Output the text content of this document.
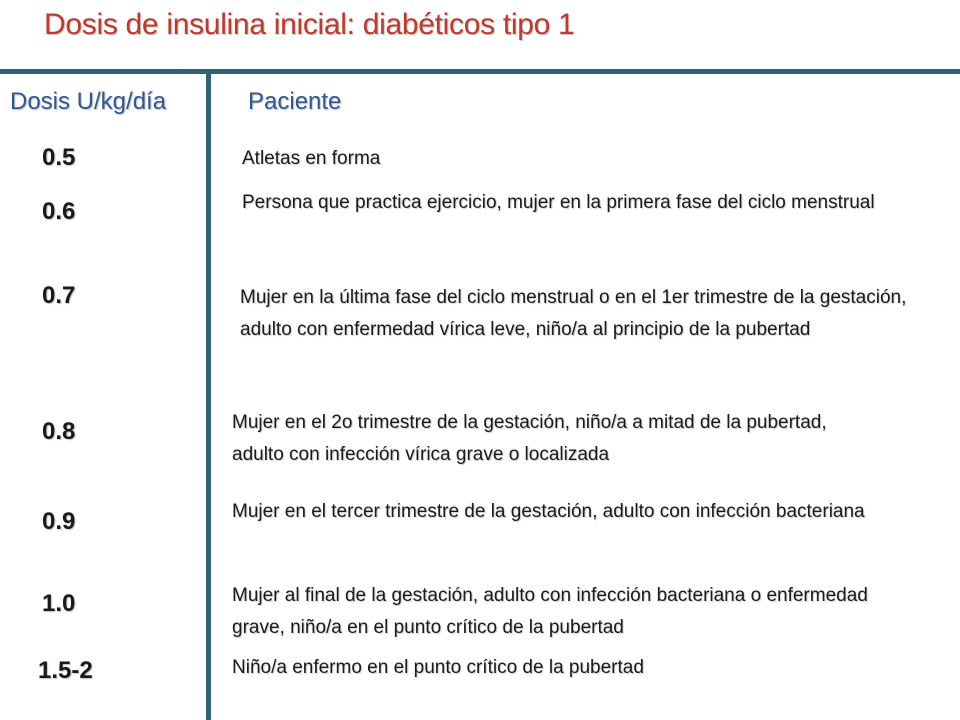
Dosis de insulina inicial: diabéticos tipo 1
Dosis U/kg/día	Paciente
0.5	Atletas en forma
0.6	Persona que practica ejercicio, mujer en la primera fase del ciclo menstrual
0.7	Mujer en la última fase del ciclo menstrual o en el 1er trimestre de la gestación, adulto con enfermedad vírica leve, niño/a al principio de la pubertad
0.8	Mujer en el 2o trimestre de la gestación, niño/a a mitad de la pubertad, adulto con infección vírica grave o localizada
0.9	Mujer en el tercer trimestre de la gestación, adulto con infección bacteriana
1.0	Mujer al final de la gestación, adulto con infección bacteriana o enfermedad grave, niño/a en el punto crítico de la pubertad
1.5-2	Niño/a enfermo en el punto crítico de la pubertad
